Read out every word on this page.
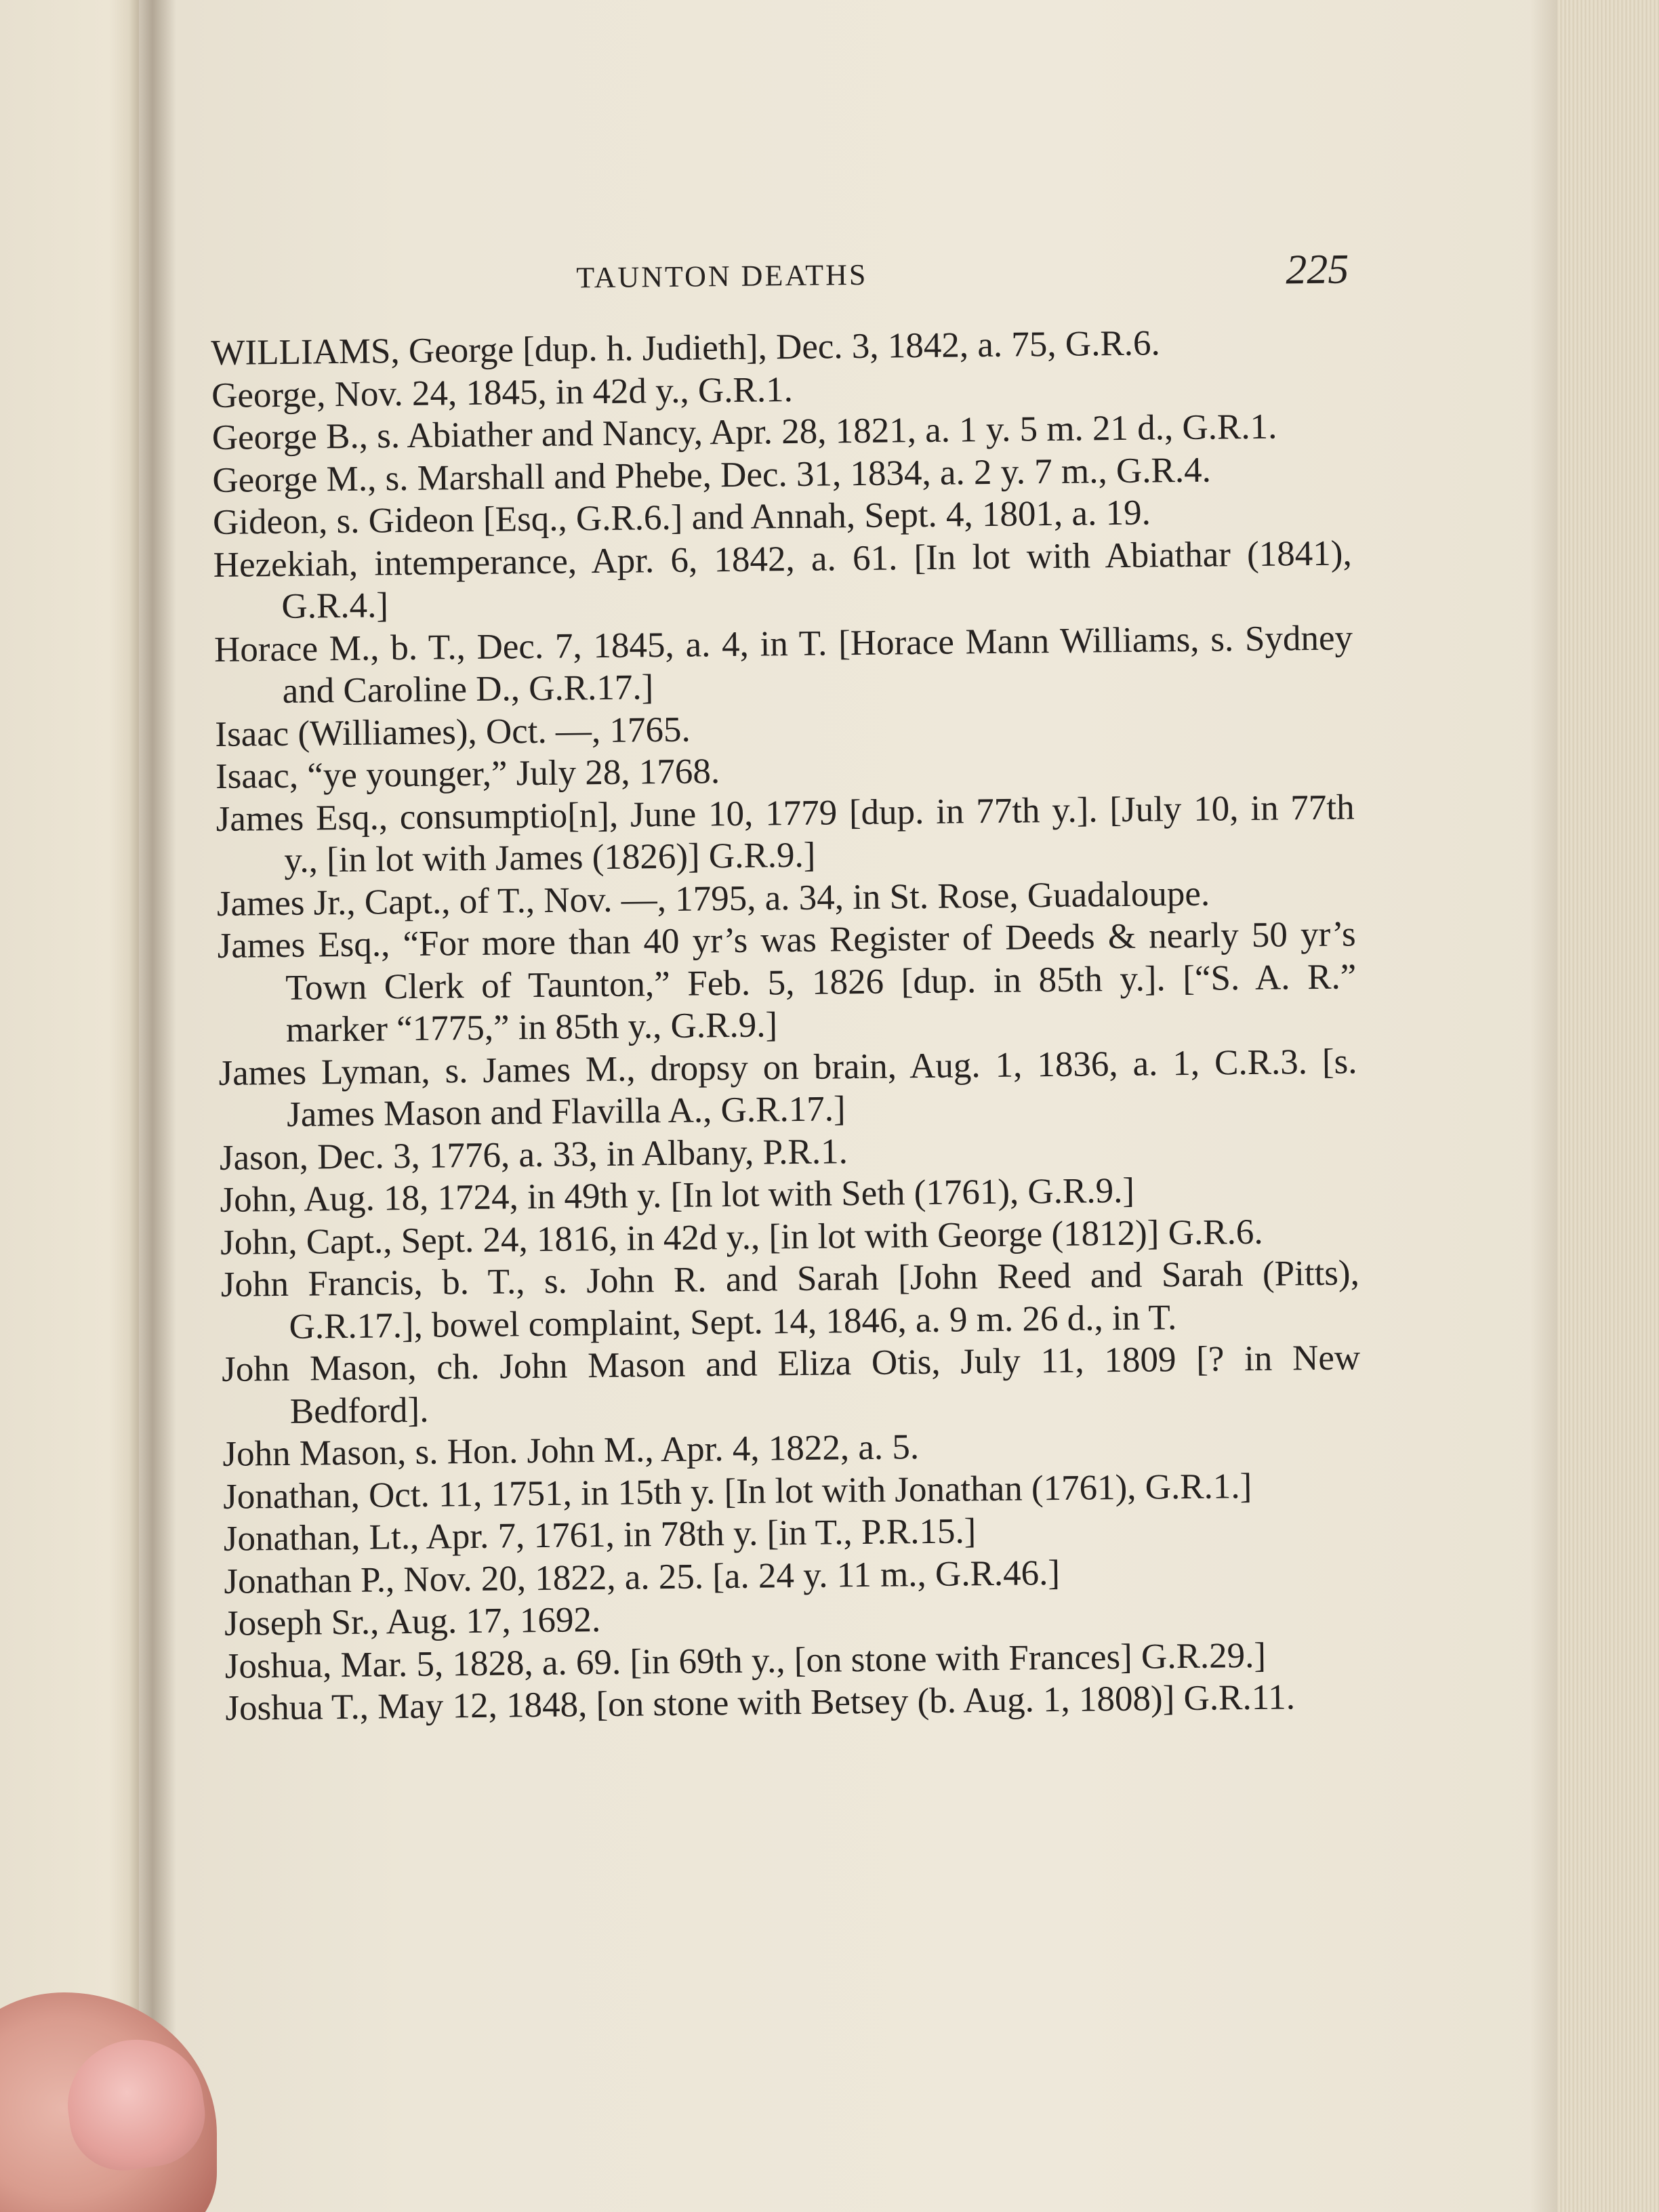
TAUNTON DEATHS	225

WILLIAMS, George [dup. h. Judieth], Dec. 3, 1842, a. 75, G.R.6.

George, Nov. 24, 1845, in 42d y., G.R.1.

George B., s. Abiather and Nancy, Apr. 28, 1821, a. 1 y. 5 m. 21 d., G.R.1.

George M., s. Marshall and Phebe, Dec. 31, 1834, a. 2 y. 7 m., G.R.4.

Gideon, s. Gideon [Esq., G.R.6.] and Annah, Sept. 4, 1801, a. 19.

Hezekiah, intemperance, Apr. 6, 1842, a. 61. [In lot with Abiathar (1841), G.R.4.]

Horace M., b. T., Dec. 7, 1845, a. 4, in T. [Horace Mann Williams, s. Sydney and Caroline D., G.R.17.]

Isaac (Williames), Oct. —, 1765.

Isaac, “ye younger,” July 28, 1768.

James Esq., consumptio[n], June 10, 1779 [dup. in 77th y.]. [July 10, in 77th y., [in lot with James (1826)] G.R.9.]

James Jr., Capt., of T., Nov. —, 1795, a. 34, in St. Rose, Guadaloupe.

James Esq., “For more than 40 yr’s was Register of Deeds & nearly 50 yr’s Town Clerk of Taunton,” Feb. 5, 1826 [dup. in 85th y.]. [“S. A. R.” marker “1775,” in 85th y., G.R.9.]

James Lyman, s. James M., dropsy on brain, Aug. 1, 1836, a. 1, C.R.3. [s. James Mason and Flavilla A., G.R.17.]

Jason, Dec. 3, 1776, a. 33, in Albany, P.R.1.

John, Aug. 18, 1724, in 49th y. [In lot with Seth (1761), G.R.9.]

John, Capt., Sept. 24, 1816, in 42d y., [in lot with George (1812)] G.R.6.

John Francis, b. T., s. John R. and Sarah [John Reed and Sarah (Pitts), G.R.17.], bowel complaint, Sept. 14, 1846, a. 9 m. 26 d., in T.

John Mason, ch. John Mason and Eliza Otis, July 11, 1809 [? in New Bedford].

John Mason, s. Hon. John M., Apr. 4, 1822, a. 5.

Jonathan, Oct. 11, 1751, in 15th y. [In lot with Jonathan (1761), G.R.1.]

Jonathan, Lt., Apr. 7, 1761, in 78th y. [in T., P.R.15.]

Jonathan P., Nov. 20, 1822, a. 25. [a. 24 y. 11 m., G.R.46.]

Joseph Sr., Aug. 17, 1692.

Joshua, Mar. 5, 1828, a. 69. [in 69th y., [on stone with Frances] G.R.29.]

Joshua T., May 12, 1848, [on stone with Betsey (b. Aug. 1, 1808)] G.R.11.
